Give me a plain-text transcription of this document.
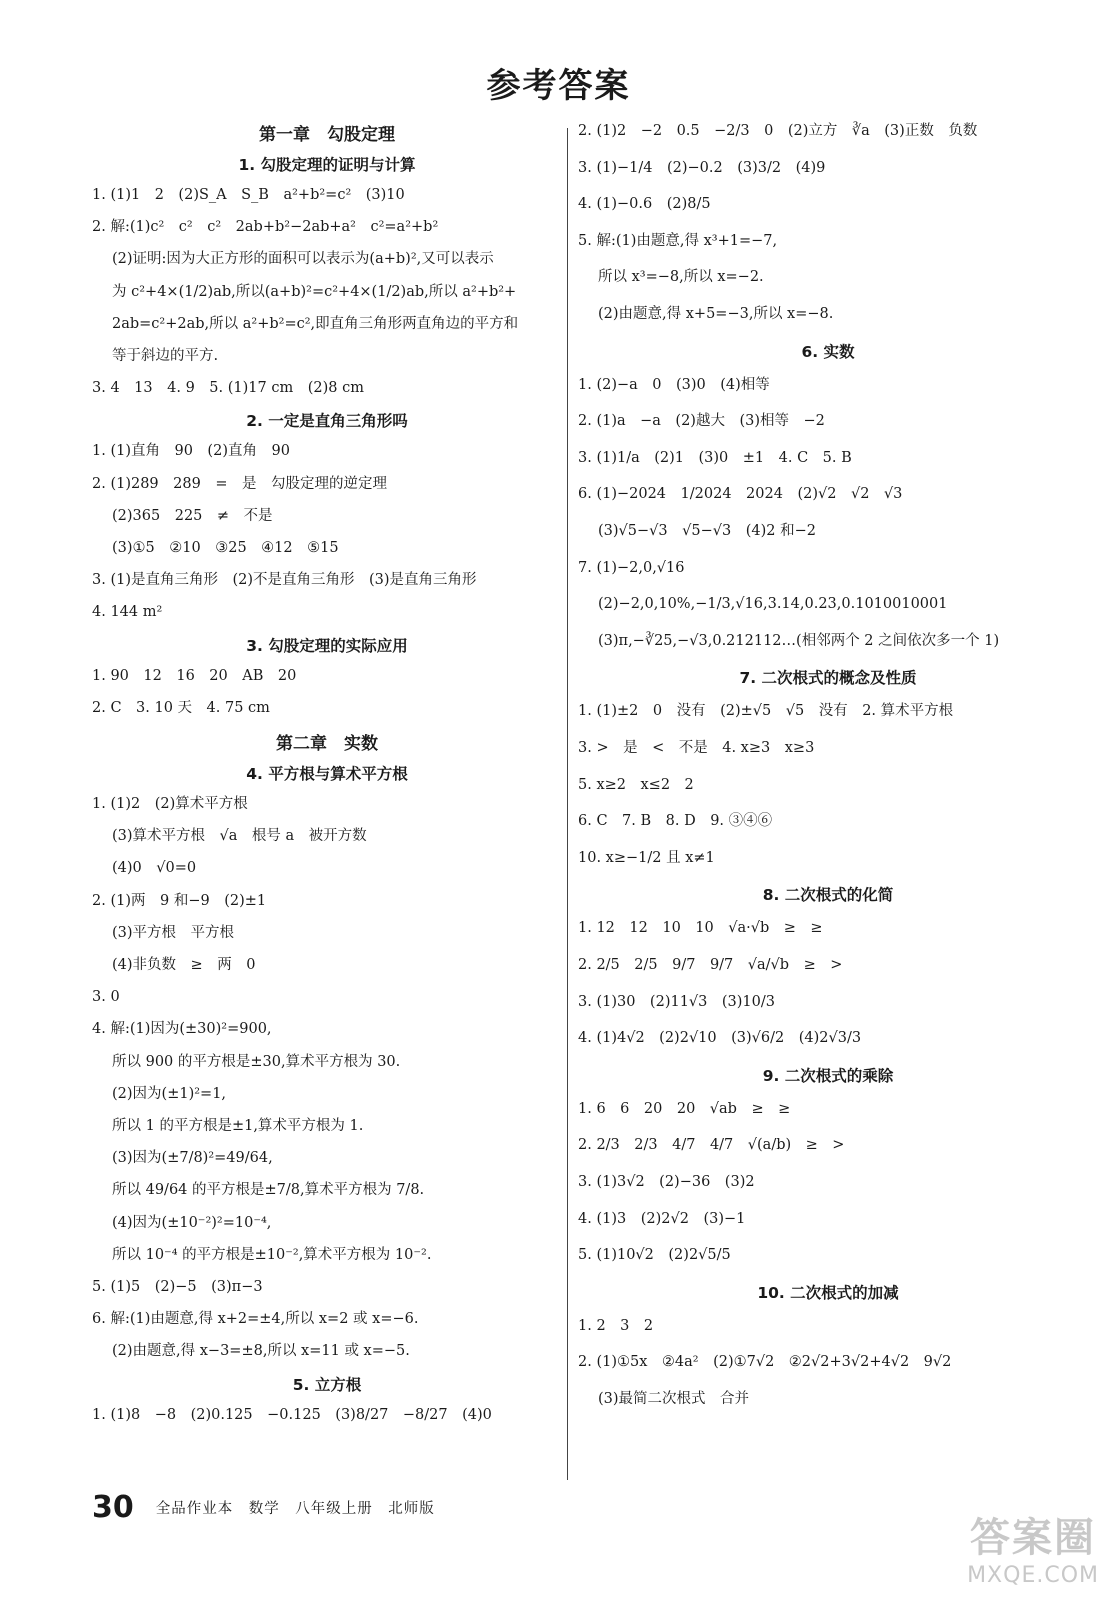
参考答案
第一章　勾股定理
1. 勾股定理的证明与计算
1. (1)1　2　(2)S_A　S_B　a²+b²=c²　(3)10
2. 解:(1)c²　c²　c²　2ab+b²−2ab+a²　c²=a²+b²
(2)证明:因为大正方形的面积可以表示为(a+b)²,又可以表示
为 c²+4×(1/2)ab,所以(a+b)²=c²+4×(1/2)ab,所以 a²+b²+
2ab=c²+2ab,所以 a²+b²=c²,即直角三角形两直角边的平方和
等于斜边的平方.
3. 4　13　4. 9　5. (1)17 cm　(2)8 cm
2. 一定是直角三角形吗
1. (1)直角　90　(2)直角　90
2. (1)289　289　=　是　勾股定理的逆定理
(2)365　225　≠　不是
(3)①5　②10　③25　④12　⑤15
3. (1)是直角三角形　(2)不是直角三角形　(3)是直角三角形
4. 144 m²
3. 勾股定理的实际应用
1. 90　12　16　20　AB　20
2. C　3. 10 天　4. 75 cm
第二章　实数
4. 平方根与算术平方根
1. (1)2　(2)算术平方根
(3)算术平方根　√a　根号 a　被开方数
(4)0　√0=0
2. (1)两　9 和−9　(2)±1
(3)平方根　平方根
(4)非负数　≥　两　0
3. 0
4. 解:(1)因为(±30)²=900,
所以 900 的平方根是±30,算术平方根为 30.
(2)因为(±1)²=1,
所以 1 的平方根是±1,算术平方根为 1.
(3)因为(±7/8)²=49/64,
所以 49/64 的平方根是±7/8,算术平方根为 7/8.
(4)因为(±10⁻²)²=10⁻⁴,
所以 10⁻⁴ 的平方根是±10⁻²,算术平方根为 10⁻².
5. (1)5　(2)−5　(3)π−3
6. 解:(1)由题意,得 x+2=±4,所以 x=2 或 x=−6.
(2)由题意,得 x−3=±8,所以 x=11 或 x=−5.
5. 立方根
1. (1)8　−8　(2)0.125　−0.125　(3)8/27　−8/27　(4)0
2. (1)2　−2　0.5　−2/3　0　(2)立方　∛a　(3)正数　负数
3. (1)−1/4　(2)−0.2　(3)3/2　(4)9
4. (1)−0.6　(2)8/5
5. 解:(1)由题意,得 x³+1=−7,
所以 x³=−8,所以 x=−2.
(2)由题意,得 x+5=−3,所以 x=−8.
6. 实数
1. (2)−a　0　(3)0　(4)相等
2. (1)a　−a　(2)越大　(3)相等　−2
3. (1)1/a　(2)1　(3)0　±1　4. C　5. B
6. (1)−2024　1/2024　2024　(2)√2　√2　√3
(3)√5−√3　√5−√3　(4)2 和−2
7. (1)−2,0,√16
(2)−2,0,10%,−1/3,√16,3.14,0.23,0.1010010001
(3)π,−∛25,−√3,0.212112…(相邻两个 2 之间依次多一个 1)
7. 二次根式的概念及性质
1. (1)±2　0　没有　(2)±√5　√5　没有　2. 算术平方根
3. >　是　<　不是　4. x≥3　x≥3
5. x≥2　x≤2　2
6. C　7. B　8. D　9. ③④⑥
10. x≥−1/2 且 x≠1
8. 二次根式的化简
1. 12　12　10　10　√a·√b　≥　≥
2. 2/5　2/5　9/7　9/7　√a/√b　≥　>
3. (1)30　(2)11√3　(3)10/3
4. (1)4√2　(2)2√10　(3)√6/2　(4)2√3/3
9. 二次根式的乘除
1. 6　6　20　20　√ab　≥　≥
2. 2/3　2/3　4/7　4/7　√(a/b)　≥　>
3. (1)3√2　(2)−36　(3)2
4. (1)3　(2)2√2　(3)−1
5. (1)10√2　(2)2√5/5
10. 二次根式的加减
1. 2　3　2
2. (1)①5x　②4a²　(2)①7√2　②2√2+3√2+4√2　9√2
(3)最简二次根式　合并
30 全品作业本　数学　八年级上册　北师版
答案圈
MXQE.COM
